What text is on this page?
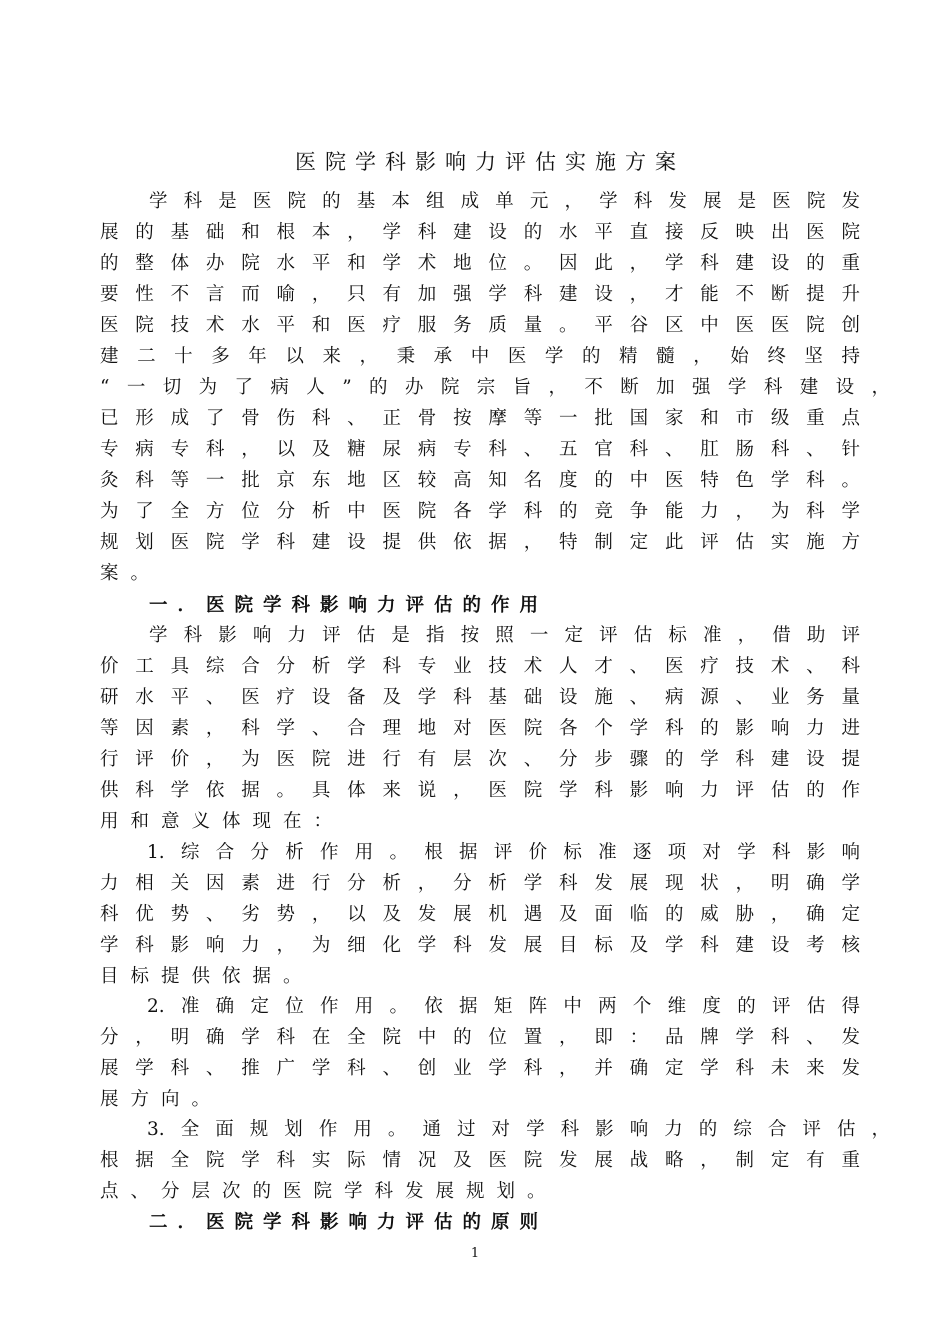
医院学科影响力评估实施方案
学科是医院的基本组成单元，学科发展是医院发
展的基础和根本，学科建设的水平直接反映出医院
的整体办院水平和学术地位。因此，学科建设的重
要性不言而喻，只有加强学科建设，才能不断提升
医院技术水平和医疗服务质量。平谷区中医医院创
建二十多年以来，秉承中医学的精髓，始终坚持
“一切为了病人”的办院宗旨，不断加强学科建设，
已形成了骨伤科、正骨按摩等一批国家和市级重点
专病专科，以及糖尿病专科、五官科、肛肠科、针
灸科等一批京东地区较高知名度的中医特色学科。
为了全方位分析中医院各学科的竞争能力，为科学
规划医院学科建设提供依据，特制定此评估实施方
案。
一．医院学科影响力评估的作用
学科影响力评估是指按照一定评估标准，借助评
价工具综合分析学科专业技术人才、医疗技术、科
研水平、医疗设备及学科基础设施、病源、业务量
等因素，科学、合理地对医院各个学科的影响力进
行评价，为医院进行有层次、分步骤的学科建设提
供科学依据。具体来说，医院学科影响力评估的作
用和意义体现在：
1.综合分析作用。根据评价标准逐项对学科影响
力相关因素进行分析，分析学科发展现状，明确学
科优势、劣势，以及发展机遇及面临的威胁，确定
学科影响力，为细化学科发展目标及学科建设考核
目标提供依据。
2.准确定位作用。依据矩阵中两个维度的评估得
分，明确学科在全院中的位置，即：品牌学科、发
展学科、推广学科、创业学科，并确定学科未来发
展方向。
3.全面规划作用。通过对学科影响力的综合评估，
根据全院学科实际情况及医院发展战略，制定有重
点、分层次的医院学科发展规划。
二．医院学科影响力评估的原则
1
